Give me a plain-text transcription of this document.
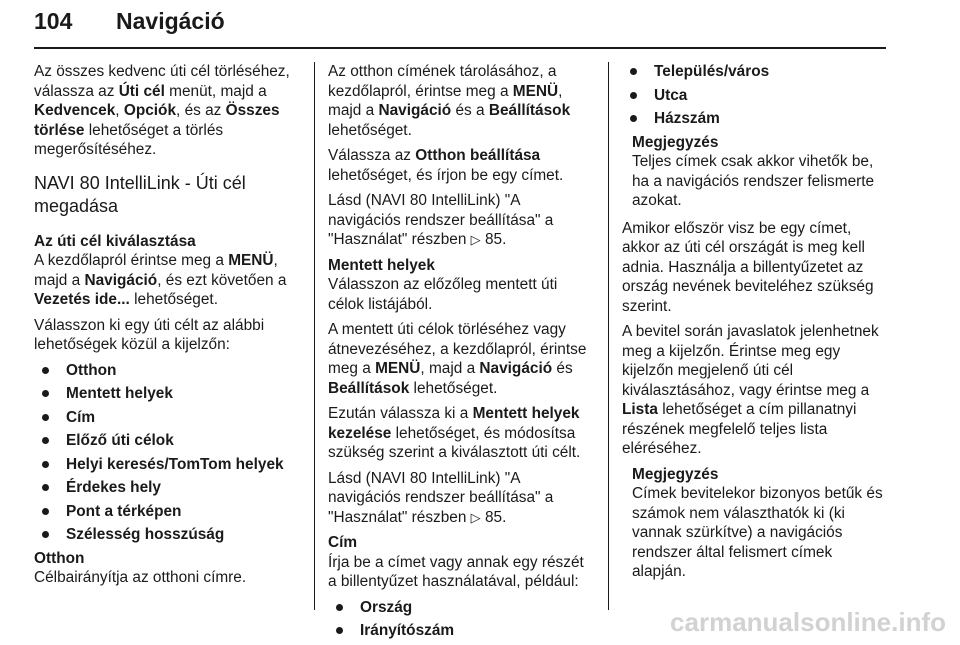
104 Navigáció

Az összes kedvenc úti cél törléséhez, válassza az Úti cél menüt, majd a Kedvencek, Opciók, és az Összes törlése lehetőséget a törlés megerősítéséhez.

NAVI 80 IntelliLink - Úti cél megadása
Az úti cél kiválasztása

A kezdőlapról érintse meg a MENÜ, majd a Navigáció, és ezt követően a Vezetés ide... lehetőséget.

Válasszon ki egy úti célt az alábbi lehetőségek közül a kijelzőn:

Otthon
Mentett helyek
Cím
Előző úti célok
Helyi keresés/TomTom helyek
Érdekes hely
Pont a térképen
Szélesség hosszúság
Otthon

Célbairányítja az otthoni címre.

Az otthon címének tárolásához, a kezdőlapról, érintse meg a MENÜ, majd a Navigáció és a Beállítások lehetőséget.

Válassza az Otthon beállítása lehetőséget, és írjon be egy címet.

Lásd (NAVI 80 IntelliLink) "A navigációs rendszer beállítása" a "Használat" részben ▷ 85.

Mentett helyek

Válasszon az előzőleg mentett úti célok listájából.

A mentett úti célok törléséhez vagy átnevezéséhez, a kezdőlapról, érintse meg a MENÜ, majd a Navigáció és Beállítások lehetőséget.

Ezután válassza ki a Mentett helyek kezelése lehetőséget, és módosítsa szükség szerint a kiválasztott úti célt.

Lásd (NAVI 80 IntelliLink) "A navigációs rendszer beállítása" a "Használat" részben ▷ 85.

Cím

Írja be a címet vagy annak egy részét a billentyűzet használatával, például:

Ország
Irányítószám
Település/város
Utca
Házszám
Megjegyzés
Teljes címek csak akkor vihetők be, ha a navigációs rendszer felismerte azokat.

Amikor először visz be egy címet, akkor az úti cél országát is meg kell adnia. Használja a billentyűzetet az ország nevének beviteléhez szükség szerint.

A bevitel során javaslatok jelenhetnek meg a kijelzőn. Érintse meg egy kijelzőn megjelenő úti cél kiválasztásához, vagy érintse meg a Lista lehetőséget a cím pillanatnyi részének megfelelő teljes lista eléréséhez.

Megjegyzés
Címek bevitelekor bizonyos betűk és számok nem választhatók ki (ki vannak szürkítve) a navigációs rendszer által felismert címek alapján.
carmanualsonline.info
